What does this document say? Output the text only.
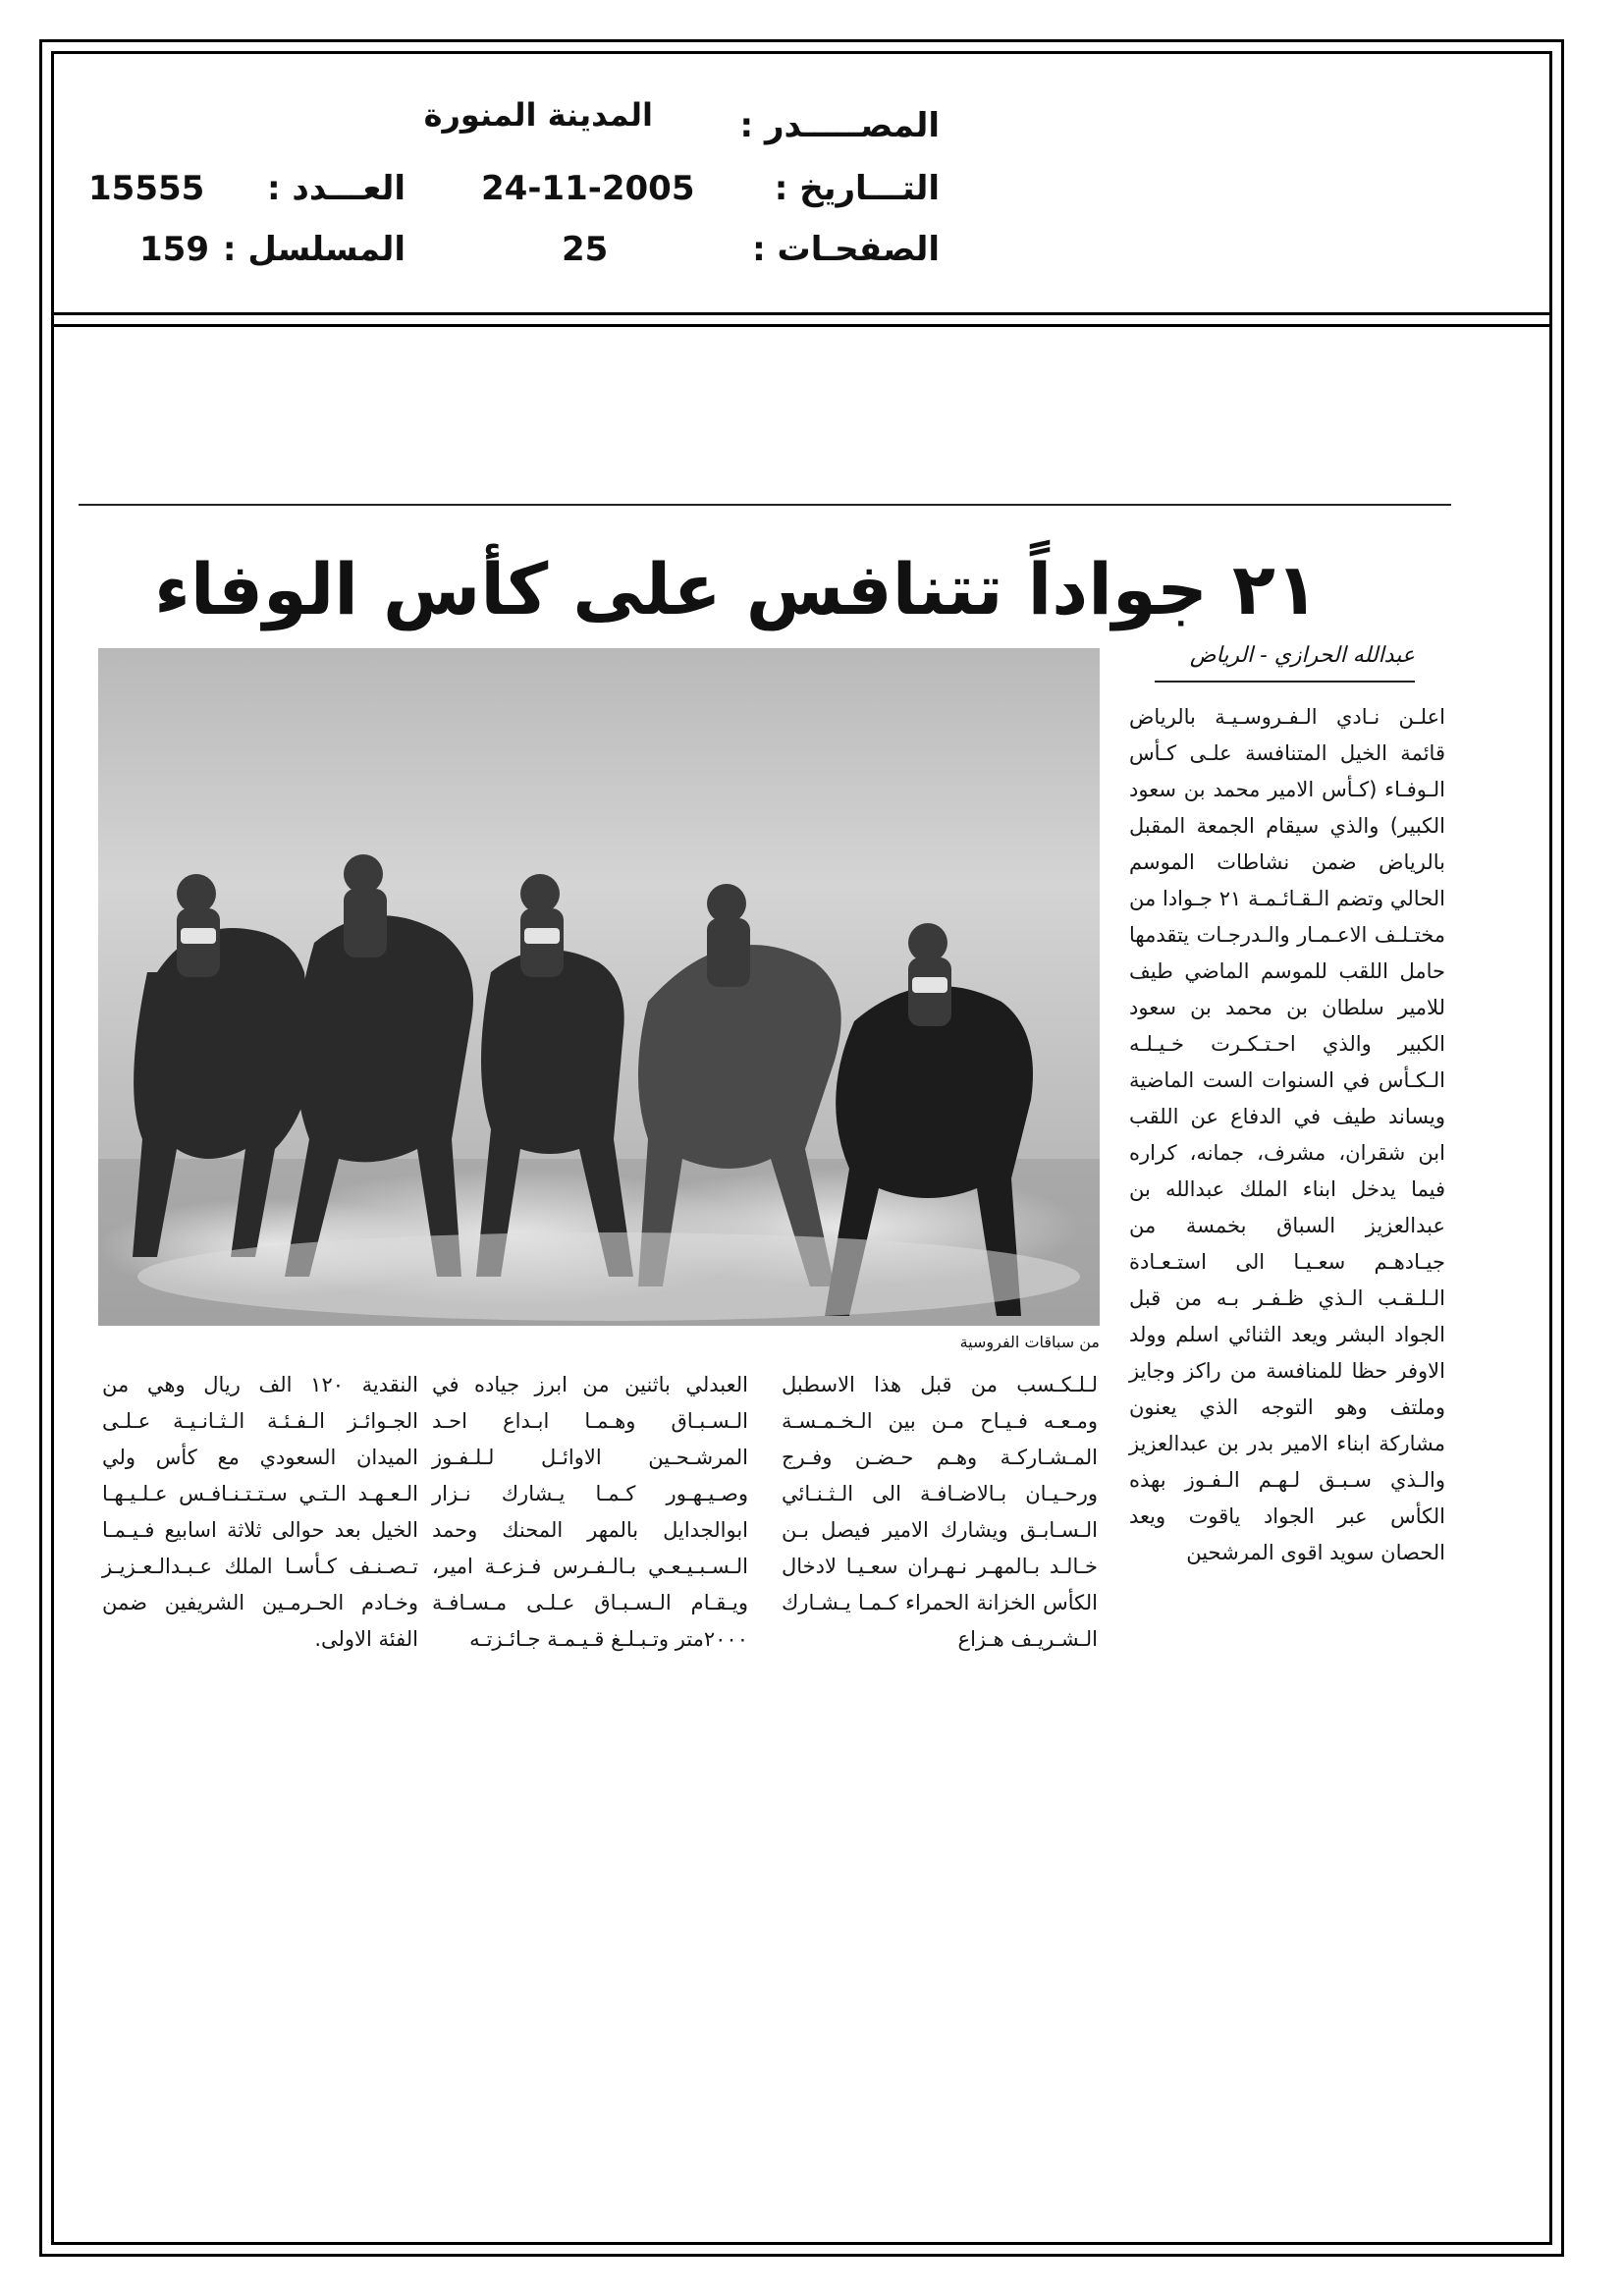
المصـــــدر :
المدينة المنورة
التـــاريخ :
24-11-2005
الصفحـات :
25
العـــدد :
15555
المسلسل :
159
٢١ جواداً تتنافس على كأس الوفاء
عبدالله الحرازي - الرياض
من سباقات الفروسية
اعلـن نـادي الـفـروسـيـة بالرياض قائمة الخيل المتنافسة علـى كـأس الـوفـاء (كـأس الامير محمد بن سعود الكبير) والذي سيقام الجمعة المقبل بالرياض ضمن نشاطات الموسم الحالي وتضم الـقـائـمـة ٢١ جـوادا من مختـلـف الاعـمـار والـدرجـات يتقدمها حامل اللقب للموسم الماضي طيف للامير سلطان بن محمد بن سعود الكبير والذي احـتـكـرت خـيـلـه الـكـأس في السنوات الست الماضية ويساند طيف في الدفاع عن اللقب ابن شقران، مشرف، جمانه، كراره فيما يدخل ابناء الملك عبدالله بن عبدالعزيز السباق بخمسة من جيـادهـم سعـيـا الى استـعـادة الـلـقـب الـذي ظـفـر بـه من قبل الجواد البشر ويعد الثنائي اسلم وولد الاوفر حظا للمنافسة من راكز وجايز وملتف وهو التوجه الذي يعنون مشاركة ابناء الامير بدر بن عبدالعزيز والـذي سـبـق لـهـم الـفـوز بهذه الكأس عبر الجواد ياقوت ويعد الحصان سويد اقوى المرشحين
لـلـكـسب من قبل هذا الاسطبل ومـعـه فـيـاح مـن بين الـخـمـسـة المـشـاركـة وهـم حـضـن وفـرج ورحـيـان بـالاضـافـة الى الـثـنـائي الـسـابـق ويشارك الامير فيصل بـن خـالـد بـالمهـر نـهـران سعـيـا لادخال الكأس الخزانة الحمراء كـمـا يـشـارك الـشـريـف هـزاع
العبدلي باثنين من ابرز جياده في الـسـبـاق وهـمـا ابـداع احـد المرشـحـين الاوائـل لـلـفـوز وصـيـهـور كـمـا يـشارك نـزار ابوالجدايل بالمهر المحنك وحمد الـسـبـيـعـي بـالـفـرس فـزعـة امير، ويـقـام الـسـبـاق عـلـى مـسـافـة ٢٠٠٠متر وتـبـلـغ قـيـمـة جـائـزتـه
النقدية ١٢٠ الف ريال وهي من الجـوائـز الـفـئـة الـثـانـيـة عـلـى الميدان السعودي مع كأس ولي الـعـهـد الـتـي سـتـتـنـافـس عـلـيـهـا الخيل بعد حوالى ثلاثة اسابيع فـيـمـا تـصـنـف كـأسـا الملك عـبـدالـعـزيـز وخـادم الحـرمـين الشريفين ضمن الفئة الاولى.
